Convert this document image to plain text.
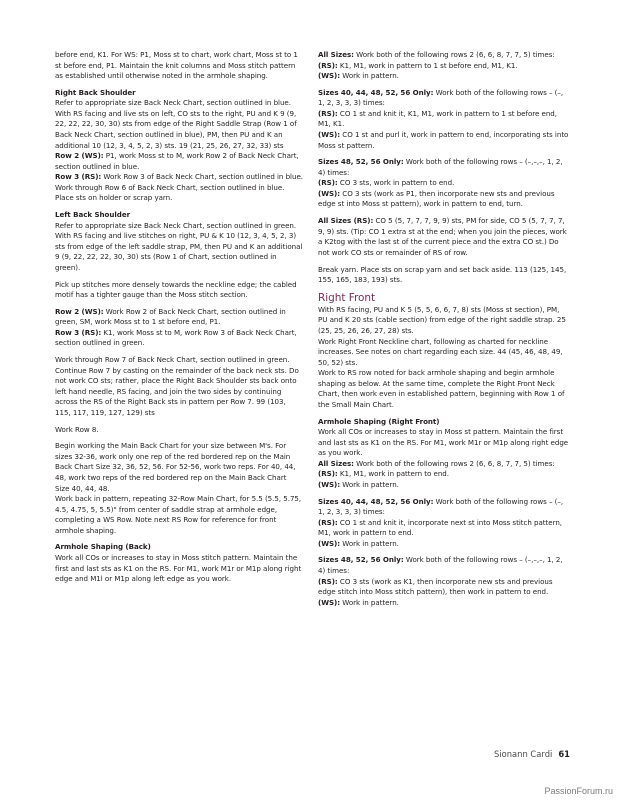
before end, K1. For WS: P1, Moss st to chart, work chart, Moss st to 1 st before end, P1. Maintain the knit columns and Moss stitch pattern as established until otherwise noted in the armhole shaping.

Right Back Shoulder
Refer to appropriate size Back Neck Chart, section outlined in blue.
With RS facing and live sts on left, CO sts to the right, PU and K 9 (9, 22, 22, 22, 30, 30) sts from edge of the Right Saddle Strap (Row 1 of Back Neck Chart, section outlined in blue), PM, then PU and K an additional 10 (12, 3, 4, 5, 2, 3) sts. 19 (21, 25, 26, 27, 32, 33) sts
Row 2 (WS): P1, work Moss st to M, work Row 2 of Back Neck Chart, section outlined in blue.
Row 3 (RS): Work Row 3 of Back Neck Chart, section outlined in blue.
Work through Row 6 of Back Neck Chart, section outlined in blue. Place sts on holder or scrap yarn.

Left Back Shoulder
Refer to appropriate size Back Neck Chart, section outlined in green.
With RS facing and live stitches on right, PU & K 10 (12, 3, 4, 5, 2, 3) sts from edge of the left saddle strap, PM, then PU and K an additional 9 (9, 22, 22, 22, 30, 30) sts (Row 1 of Chart, section outlined in green).

Pick up stitches more densely towards the neckline edge; the cabled motif has a tighter gauge than the Moss stitch section.

Row 2 (WS): Work Row 2 of Back Neck Chart, section outlined in green, SM, work Moss st to 1 st before end, P1.
Row 3 (RS): K1, work Moss st to M, work Row 3 of Back Neck Chart, section outlined in green.

Work through Row 7 of Back Neck Chart, section outlined in green. Continue Row 7 by casting on the remainder of the back neck sts. Do not work CO sts; rather, place the Right Back Shoulder sts back onto left hand needle, RS facing, and join the two sides by continuing across the RS of the Right Back sts in pattern per Row 7. 99 (103, 115, 117, 119, 127, 129) sts

Work Row 8.

Begin working the Main Back Chart for your size between M's. For sizes 32-36, work only one rep of the red bordered rep on the Main Back Chart Size 32, 36, 52, 56. For 52-56, work two reps. For 40, 44, 48, work two reps of the red bordered rep on the Main Back Chart Size 40, 44, 48.
Work back in pattern, repeating 32-Row Main Chart, for 5.5 (5.5, 5.75, 4.5, 4.75, 5, 5.5)" from center of saddle strap at armhole edge, completing a WS Row. Note next RS Row for reference for front armhole shaping.

Armhole Shaping (Back)
Work all COs or increases to stay in Moss stitch pattern. Maintain the first and last sts as K1 on the RS. For M1, work M1r or M1p along right edge and M1l or M1p along left edge as you work.

All Sizes: Work both of the following rows 2 (6, 6, 8, 7, 7, 5) times:
(RS): K1, M1, work in pattern to 1 st before end, M1, K1.
(WS): Work in pattern.

Sizes 40, 44, 48, 52, 56 Only: Work both of the following rows – (–, 1, 2, 3, 3, 3) times:
(RS): CO 1 st and knit it, K1, M1, work in pattern to 1 st before end, M1, K1.
(WS): CO 1 st and purl it, work in pattern to end, incorporating sts into Moss st pattern.

Sizes 48, 52, 56 Only: Work both of the following rows – (–,–,–, 1, 2, 4) times:
(RS): CO 3 sts, work in pattern to end.
(WS): CO 3 sts (work as P1, then incorporate new sts and previous edge st into Moss st pattern), work in pattern to end, turn.

All Sizes (RS): CO 5 (5, 7, 7, 7, 9, 9) sts, PM for side, CO 5 (5, 7, 7, 7, 9, 9) sts. (Tip: CO 1 extra st at the end; when you join the pieces, work a K2tog with the last st of the current piece and the extra CO st.) Do not work CO sts or remainder of RS of row.

Break yarn. Place sts on scrap yarn and set back aside. 113 (125, 145, 155, 165, 183, 193) sts.

Right Front

With RS facing, PU and K 5 (5, 5, 6, 6, 7, 8) sts (Moss st section), PM, PU and K 20 sts (cable section) from edge of the right saddle strap. 25 (25, 25, 26, 26, 27, 28) sts.
Work Right Front Neckline chart, following as charted for neckline increases. See notes on chart regarding each size. 44 (45, 46, 48, 49, 50, 52) sts.
Work to RS row noted for back armhole shaping and begin armhole shaping as below. At the same time, complete the Right Front Neck Chart, then work even in established pattern, beginning with Row 1 of the Small Main Chart.

Armhole Shaping (Right Front)
Work all COs or increases to stay in Moss st pattern. Maintain the first and last sts as K1 on the RS. For M1, work M1r or M1p along right edge as you work.
All Sizes: Work both of the following rows 2 (6, 6, 8, 7, 7, 5) times:
(RS): K1, M1, work in pattern to end.
(WS): Work in pattern.

Sizes 40, 44, 48, 52, 56 Only: Work both of the following rows – (–, 1, 2, 3, 3, 3) times:
(RS): CO 1 st and knit it, incorporate next st into Moss stitch pattern, M1, work in pattern to end.
(WS): Work in pattern.

Sizes 48, 52, 56 Only: Work both of the following rows – (–,–,–, 1, 2, 4) times:
(RS): CO 3 sts (work as K1, then incorporate new sts and previous edge stitch into Moss stitch pattern), then work in pattern to end.
(WS): Work in pattern.

Sionann Cardi 61
PassionForum.ru
